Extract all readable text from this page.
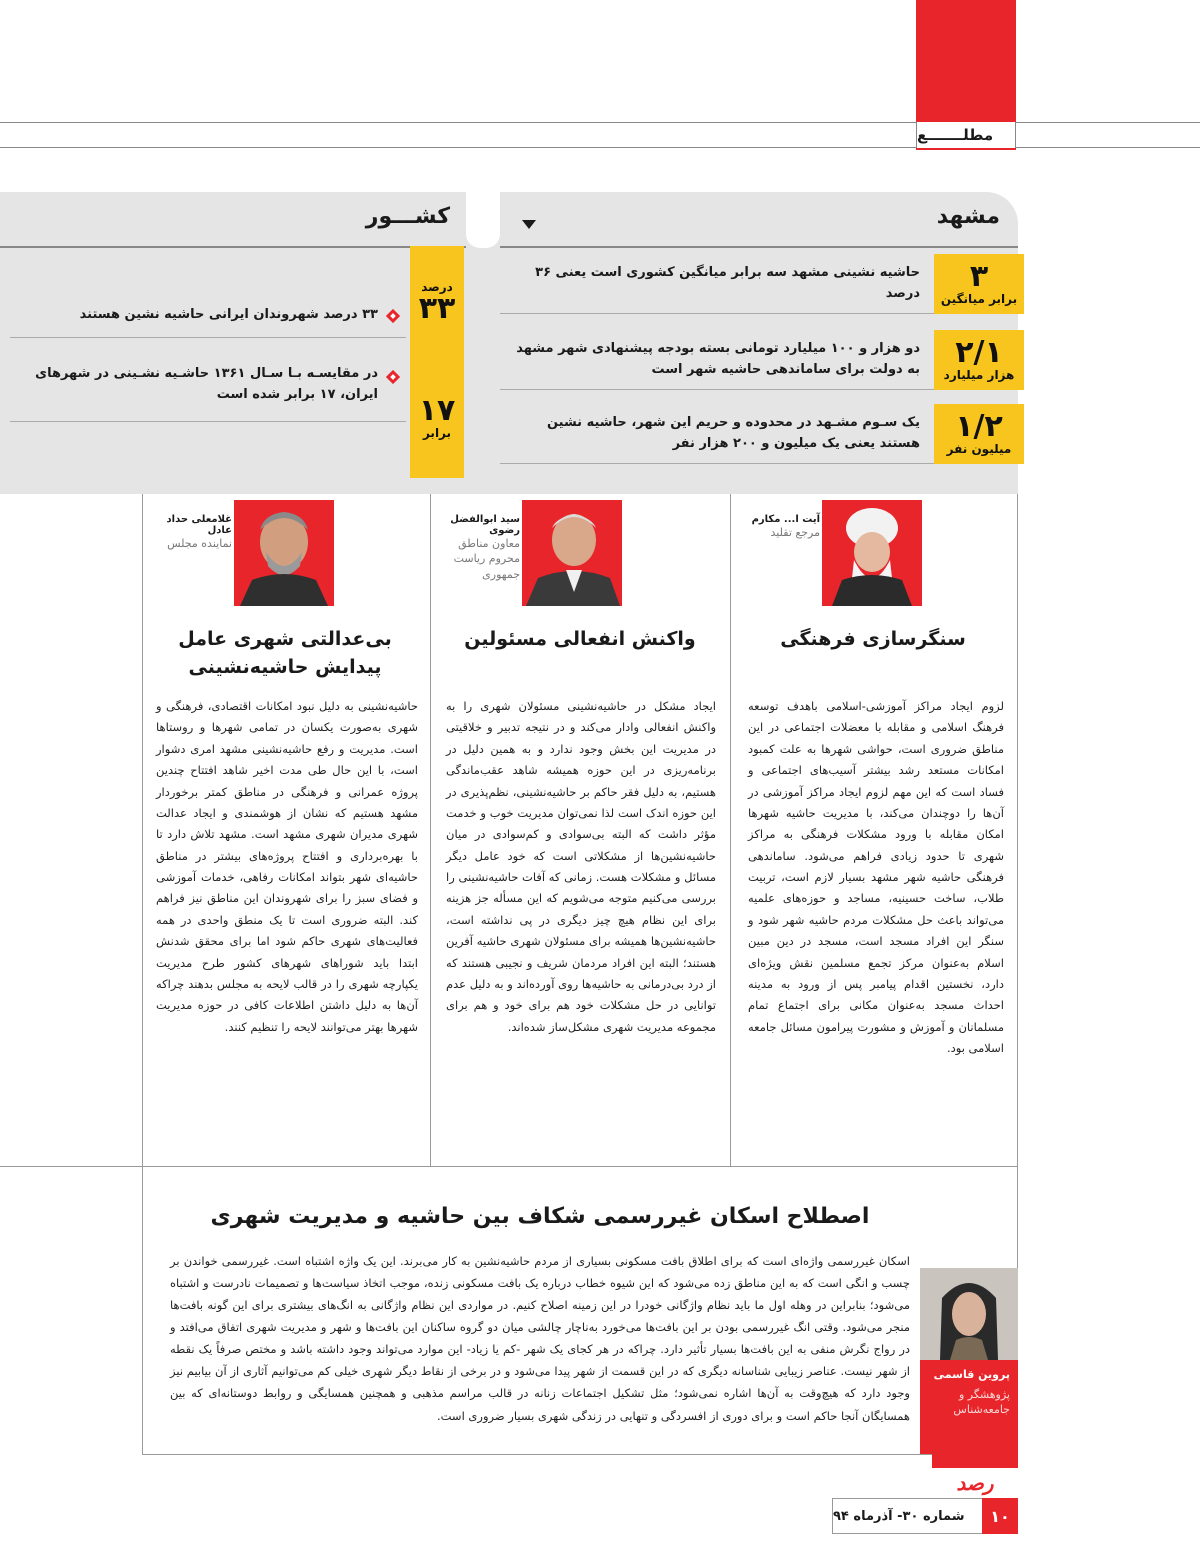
مطلـــــــع
مشهد
کشـــور
۳
برابر میانگین
حاشیه نشینی مشهد سه برابر میانگین کشوری است یعنی ۳۶ درصد
۲/۱
هزار میلیارد
دو هزار و ۱۰۰ میلیارد تومانی بسته بودجه پیشنهادی شهر مشهد به دولت برای ساماندهی حاشیه شهر است
۱/۲
میلیون نفر
یک سـوم مشـهد در محدوده و حریم این شهر، حاشیه نشین هستند یعنی یک میلیون و ۲۰۰ هزار نفر
درصد
۳۳
۳۳ درصد شهروندان ایرانی حاشیه نشین هستند
۱۷
برابر
در مقایسـه بـا سـال ۱۳۶۱ حاشـیه نشـینی در شهرهای ایران، ۱۷ برابر شده است
آیت ا... مکارم
مرجع تقلید
سنگرسازی فرهنگی
لزوم ایجاد مراکز آموزشی-اسلامی باهدف توسعه فرهنگ اسلامی و مقابله با معضلات اجتماعی در این مناطق ضروری است، حواشی شهرها به علت کمبود امکانات مستعد رشد بیشتر آسیب‌های اجتماعی و فساد است که این مهم لزوم ایجاد مراکز آموزشی در آن‌ها را دوچندان می‌کند، با مدیریت حاشیه شهرها امکان مقابله با ورود مشکلات فرهنگی به مراکز شهری تا حدود زیادی فراهم می‌شود. ساماندهی فرهنگی حاشیه شهر مشهد بسیار لازم است، تربیت طلاب، ساخت حسینیه، مساجد و حوزه‌های علمیه می‌تواند باعث حل مشکلات مردم حاشیه شهر شود و سنگر این افراد مسجد است، مسجد در دین مبین اسلام به‌عنوان مرکز تجمع مسلمین نقش ویژه‌ای دارد، نخستین اقدام پیامبر پس از ورود به مدینه احداث مسجد به‌عنوان مکانی برای اجتماع تمام مسلمانان و آموزش و مشورت پیرامون مسائل جامعه اسلامی بود.
سید ابوالفضل رضوی
معاون مناطق محروم ریاست جمهوری
واکنش انفعالی مسئولین
ایجاد مشکل در حاشیه‌نشینی مسئولان شهری را به واکنش انفعالی وادار می‌کند و در نتیجه تدبیر و خلاقیتی در مدیریت این بخش وجود ندارد و به همین دلیل در برنامه‌ریزی در این حوزه همیشه شاهد عقب‌ماندگی هستیم، به دلیل فقر حاکم بر حاشیه‌نشینی، نظم‌پذیری در این حوزه اندک است لذا نمی‌توان مدیریت خوب و خدمت مؤثر داشت که البته بی‌سوادی و کم‌سوادی در میان حاشیه‌نشین‌ها از مشکلاتی است که خود عامل دیگر مسائل و مشکلات هست. زمانی که آفات حاشیه‌نشینی را بررسی می‌کنیم متوجه می‌شویم که این مسأله جز هزینه برای این نظام هیچ چیز دیگری در پی نداشته است، حاشیه‌نشین‌ها همیشه برای مسئولان شهری حاشیه آفرین هستند؛ البته این افراد مردمان شریف و نجیبی هستند که از درد بی‌درمانی به حاشیه‌ها روی آورده‌اند و به دلیل عدم توانایی در حل مشکلات خود هم برای خود و هم برای مجموعه مدیریت شهری مشکل‌ساز شده‌اند.
غلامعلی حداد عادل
نماینده مجلس
بی‌عدالتی شهری عامل پیدایش حاشیه‌نشینی
حاشیه‌نشینی به دلیل نبود امکانات اقتصادی، فرهنگی و شهری به‌صورت یکسان در تمامی شهرها و روستاها است. مدیریت و رفع حاشیه‌نشینی مشهد امری دشوار است، با این حال طی مدت اخیر شاهد افتتاح چندین پروژه عمرانی و فرهنگی در مناطق کمتر برخوردار مشهد هستیم که نشان از هوشمندی و ایجاد عدالت شهری مدیران شهری مشهد است. مشهد تلاش دارد تا با بهره‌برداری و افتتاح پروژه‌های بیشتر در مناطق حاشیه‌ای شهر بتواند امکانات رفاهی، خدمات آموزشی و فضای سبز را برای شهروندان این مناطق نیز فراهم کند. البته ضروری است تا یک منطق واحدی در همه فعالیت‌های شهری حاکم شود اما برای محقق شدنش ابتدا باید شوراهای شهرهای کشور طرح مدیریت یکپارچه شهری را در قالب لایحه به مجلس بدهند چراکه آن‌ها به دلیل داشتن اطلاعات کافی در حوزه مدیریت شهرها بهتر می‌توانند لایحه را تنظیم کنند.
اصطلاح اسکان غیررسمی شکاف بین حاشیه و مدیریت شهری
اسکان غیررسمی واژه‌ای است که برای اطلاق بافت مسکونی بسیاری از مردم حاشیه‌نشین به کار می‌برند. این یک واژه اشتباه است. غیررسمی خواندن بر چسب و انگی است که به این مناطق زده می‌شود که این شیوه خطاب درباره یک بافت مسکونی زنده، موجب اتخاذ سیاست‌ها و تصمیمات نادرست و اشتباه می‌شود؛ بنابراین در وهله اول ما باید نظام واژگانی خودرا در این زمینه اصلاح کنیم. در مواردی این نظام واژگانی به انگ‌های بیشتری برای این گونه بافت‌ها منجر می‌شود. وقتی انگ غیررسمی بودن بر این بافت‌ها می‌خورد به‌ناچار چالشی میان دو گروه ساکنان این بافت‌ها و شهر و مدیریت شهری اتفاق می‌افتد و در رواج نگرش منفی به این بافت‌ها بسیار تأثیر دارد. چراکه در هر کجای یک شهر -کم یا زیاد- این موارد می‌تواند وجود داشته باشد و مختص صرفاً یک نقطه از شهر نیست. عناصر زیبایی شناسانه دیگری که در این قسمت از شهر پیدا می‌شود و در برخی از نقاط دیگر شهری خیلی کم می‌توانیم آثاری از آن بیابیم نیز وجود دارد که هیچ‌وقت به آن‌ها اشاره نمی‌شود؛ مثل تشکیل اجتماعات زنانه در قالب مراسم مذهبی و همچنین همسایگی و روابط دوستانه‌ای که بین همسایگان آنجا حاکم است و برای دوری از افسردگی و تنهایی در زندگی شهری بسیار ضروری است.
پروین قاسمی
پژوهشگر و جامعه‌شناس
رصد
شماره ۳۰- آذرماه ۹۴	۱۰
